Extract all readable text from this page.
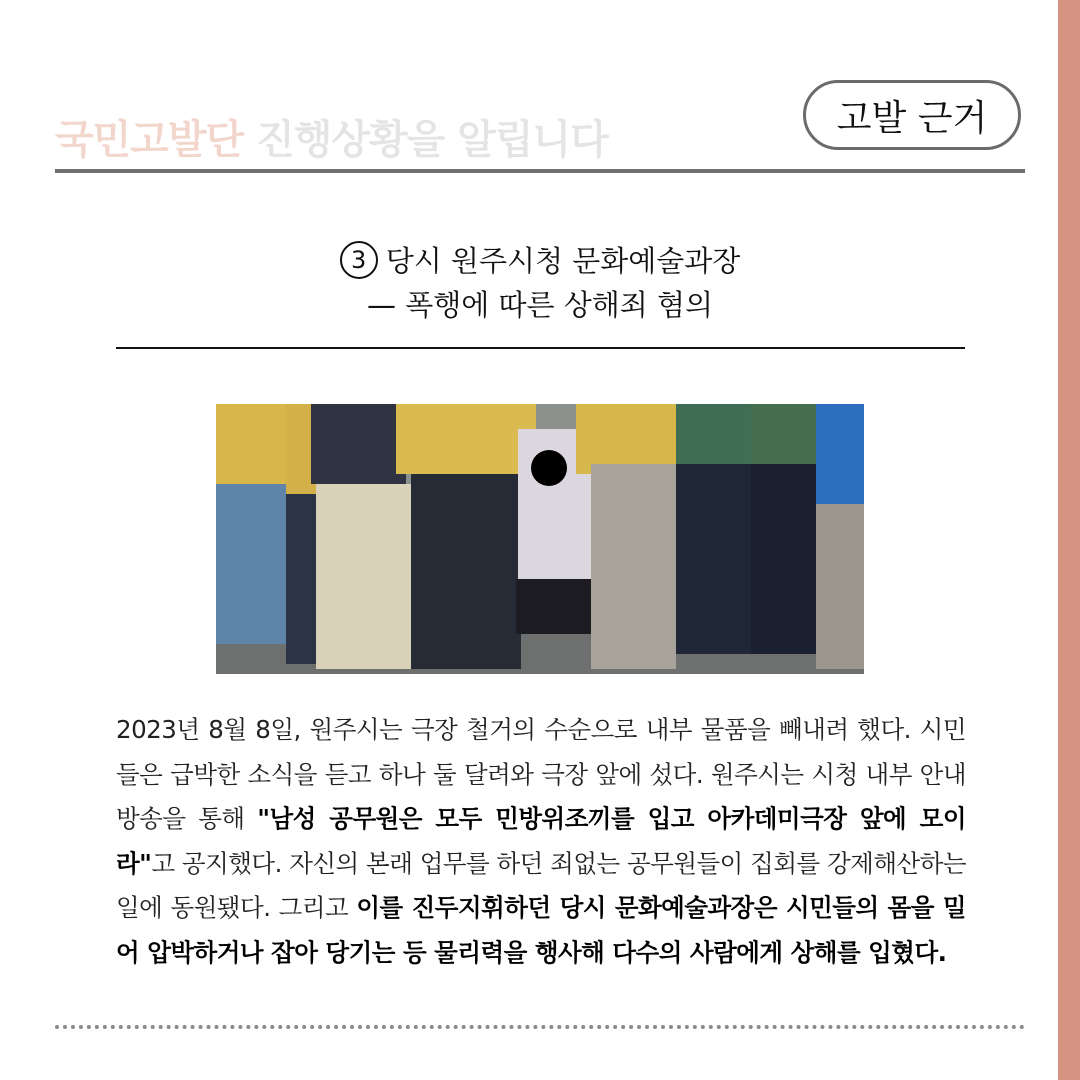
국민고발단 진행상황을 알립니다	고발 근거
3 당시 원주시청 문화예술과장
— 폭행에 따른 상해죄 혐의

2023년 8월 8일, 원주시는 극장 철거의 수순으로 내부 물품을 빼내려 했다. 시민들은 급박한 소식을 듣고 하나 둘 달려와 극장 앞에 섰다. 원주시는 시청 내부 안내방송을 통해 "남성 공무원은 모두 민방위조끼를 입고 아카데미극장 앞에 모이라"고 공지했다. 자신의 본래 업무를 하던 죄없는 공무원들이 집회를 강제해산하는 일에 동원됐다. 그리고 이를 진두지휘하던 당시 문화예술과장은 시민들의 몸을 밀어 압박하거나 잡아 당기는 등 물리력을 행사해 다수의 사람에게 상해를 입혔다.
